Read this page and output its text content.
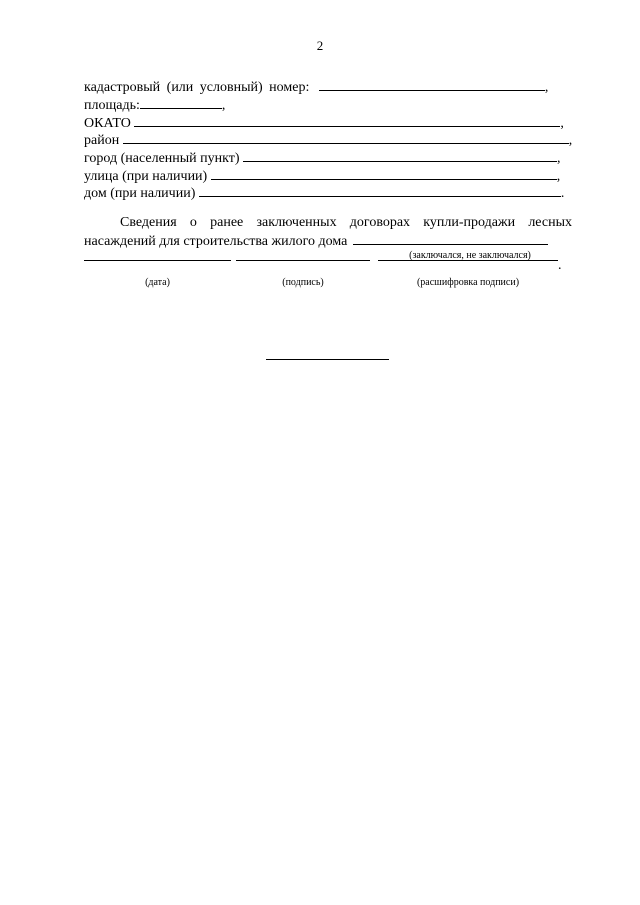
2
кадастровый (или условный) номер:	,
площадь:	,
ОКАТО	,
район	,
город (населенный пункт)	,
улица (при наличии)	,
дом (при наличии)	.
Сведения о ранее заключенных договорах купли-продажи лесных насаждений для строительства жилого дома
(заключался, не заключался)
.
(дата)	(подпись)	(расшифровка подписи)
